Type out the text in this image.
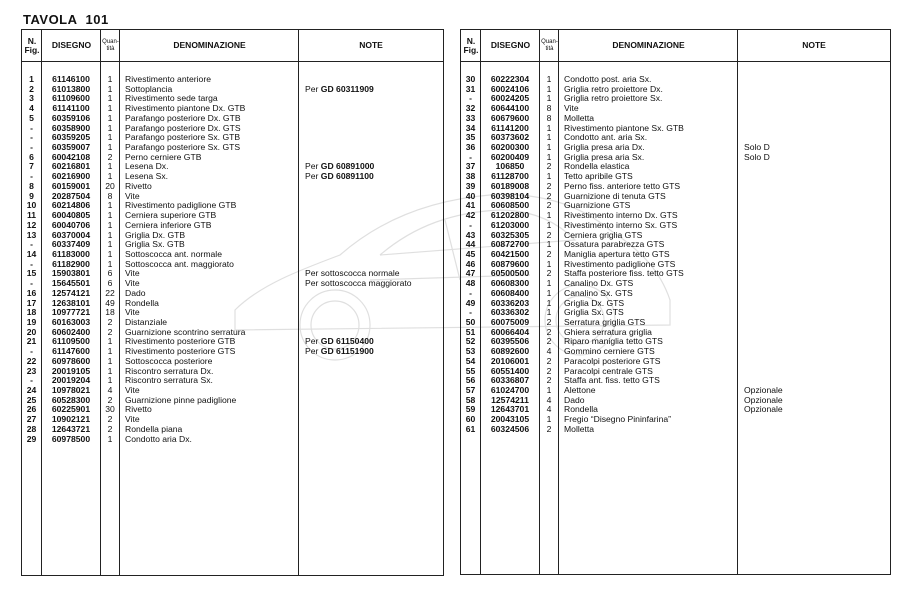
TAVOLA 101
N.
Fig.	DISEGNO	Quan-
tità	DENOMINAZIONE	NOTE
1	61146100	1	Rivestimento anteriore
2	61013800	1	Sottoplancia	Per GD 60311909
3	61109600	1	Rivestimento sede targa
4	61141100	1	Rivestimento piantone Dx. GTB
5	60359106	1	Parafango posteriore Dx. GTB
-	60358900	1	Parafango posteriore Dx. GTS
-	60359205	1	Parafango posteriore Sx. GTB
-	60359007	1	Parafango posteriore Sx. GTS
6	60042108	2	Perno cerniere GTB
7	60216801	1	Lesena Dx.	Per GD 60891000
-	60216900	1	Lesena Sx.	Per GD 60891100
8	60159001	20	Rivetto
9	20287504	8	Vite
10	60214806	1	Rivestimento padiglione GTB
11	60040805	1	Cerniera superiore GTB
12	60040706	1	Cerniera inferiore GTB
13	60370004	1	Griglia Dx. GTB
-	60337409	1	Griglia Sx. GTB
14	61183000	1	Sottoscocca ant. normale
-	61182900	1	Sottoscocca ant. maggiorato
15	15903801	6	Vite	Per sottoscocca normale
-	15645501	6	Vite	Per sottoscocca maggiorato
16	12574121	22	Dado
17	12638101	49	Rondella
18	10977721	18	Vite
19	60163003	2	Distanziale
20	60602400	2	Guarnizione scontrino serratura
21	61109500	1	Rivestimento posteriore GTB	Per GD 61150400
-	61147600	1	Rivestimento posteriore GTS	Per GD 61151900
22	60978600	1	Sottoscocca posteriore
23	20019105	1	Riscontro serratura Dx.
-	20019204	1	Riscontro serratura Sx.
24	10978021	4	Vite
25	60528300	2	Guarnizione pinne padiglione
26	60225901	30	Rivetto
27	10902121	2	Vite
28	12643721	2	Rondella piana
29	60978500	1	Condotto aria Dx.
N.
Fig.	DISEGNO	Quan-
tità	DENOMINAZIONE	NOTE
30	60222304	1	Condotto post. aria Sx.
31	60024106	1	Griglia retro proiettore Dx.
-	60024205	1	Griglia retro proiettore Sx.
32	60644100	8	Vite
33	60679600	8	Molletta
34	61141200	1	Rivestimento piantone Sx. GTB
35	60373602	1	Condotto ant. aria Sx.
36	60200300	1	Griglia presa aria Dx.	Solo D
-	60200409	1	Griglia presa aria Sx.	Solo D
37	106850	2	Rondella elastica
38	61128700	1	Tetto apribile GTS
39	60189008	2	Perno fiss. anteriore tetto GTS
40	60398104	2	Guarnizione di tenuta GTS
41	60608500	2	Guarnizione GTS
42	61202800	1	Rivestimento interno Dx. GTS
-	61203000	1	Rivestimento interno Sx. GTS
43	60325305	2	Cerniera griglia GTS
44	60872700	1	Ossatura parabrezza GTS
45	60421500	2	Maniglia apertura tetto GTS
46	60879600	1	Rivestimento padiglione GTS
47	60500500	2	Staffa posteriore fiss. tetto GTS
48	60608300	1	Canalino Dx. GTS
-	60608400	1	Canalino Sx. GTS
49	60336203	1	Griglia Dx. GTS
-	60336302	1	Griglia Sx. GTS
50	60075009	2	Serratura griglia GTS
51	60066404	2	Ghiera serratura griglia
52	60395506	2	Riparo maniglia tetto GTS
53	60892600	4	Gommino cerniere GTS
54	20106001	2	Paracolpi posteriore GTS
55	60551400	2	Paracolpi centrale GTS
56	60336807	2	Staffa ant. fiss. tetto GTS
57	61024700	1	Alettone	Opzionale
58	12574211	4	Dado	Opzionale
59	12643701	4	Rondella	Opzionale
60	20043105	1	Fregio “Disegno Pininfarina”
61	60324506	2	Molletta
